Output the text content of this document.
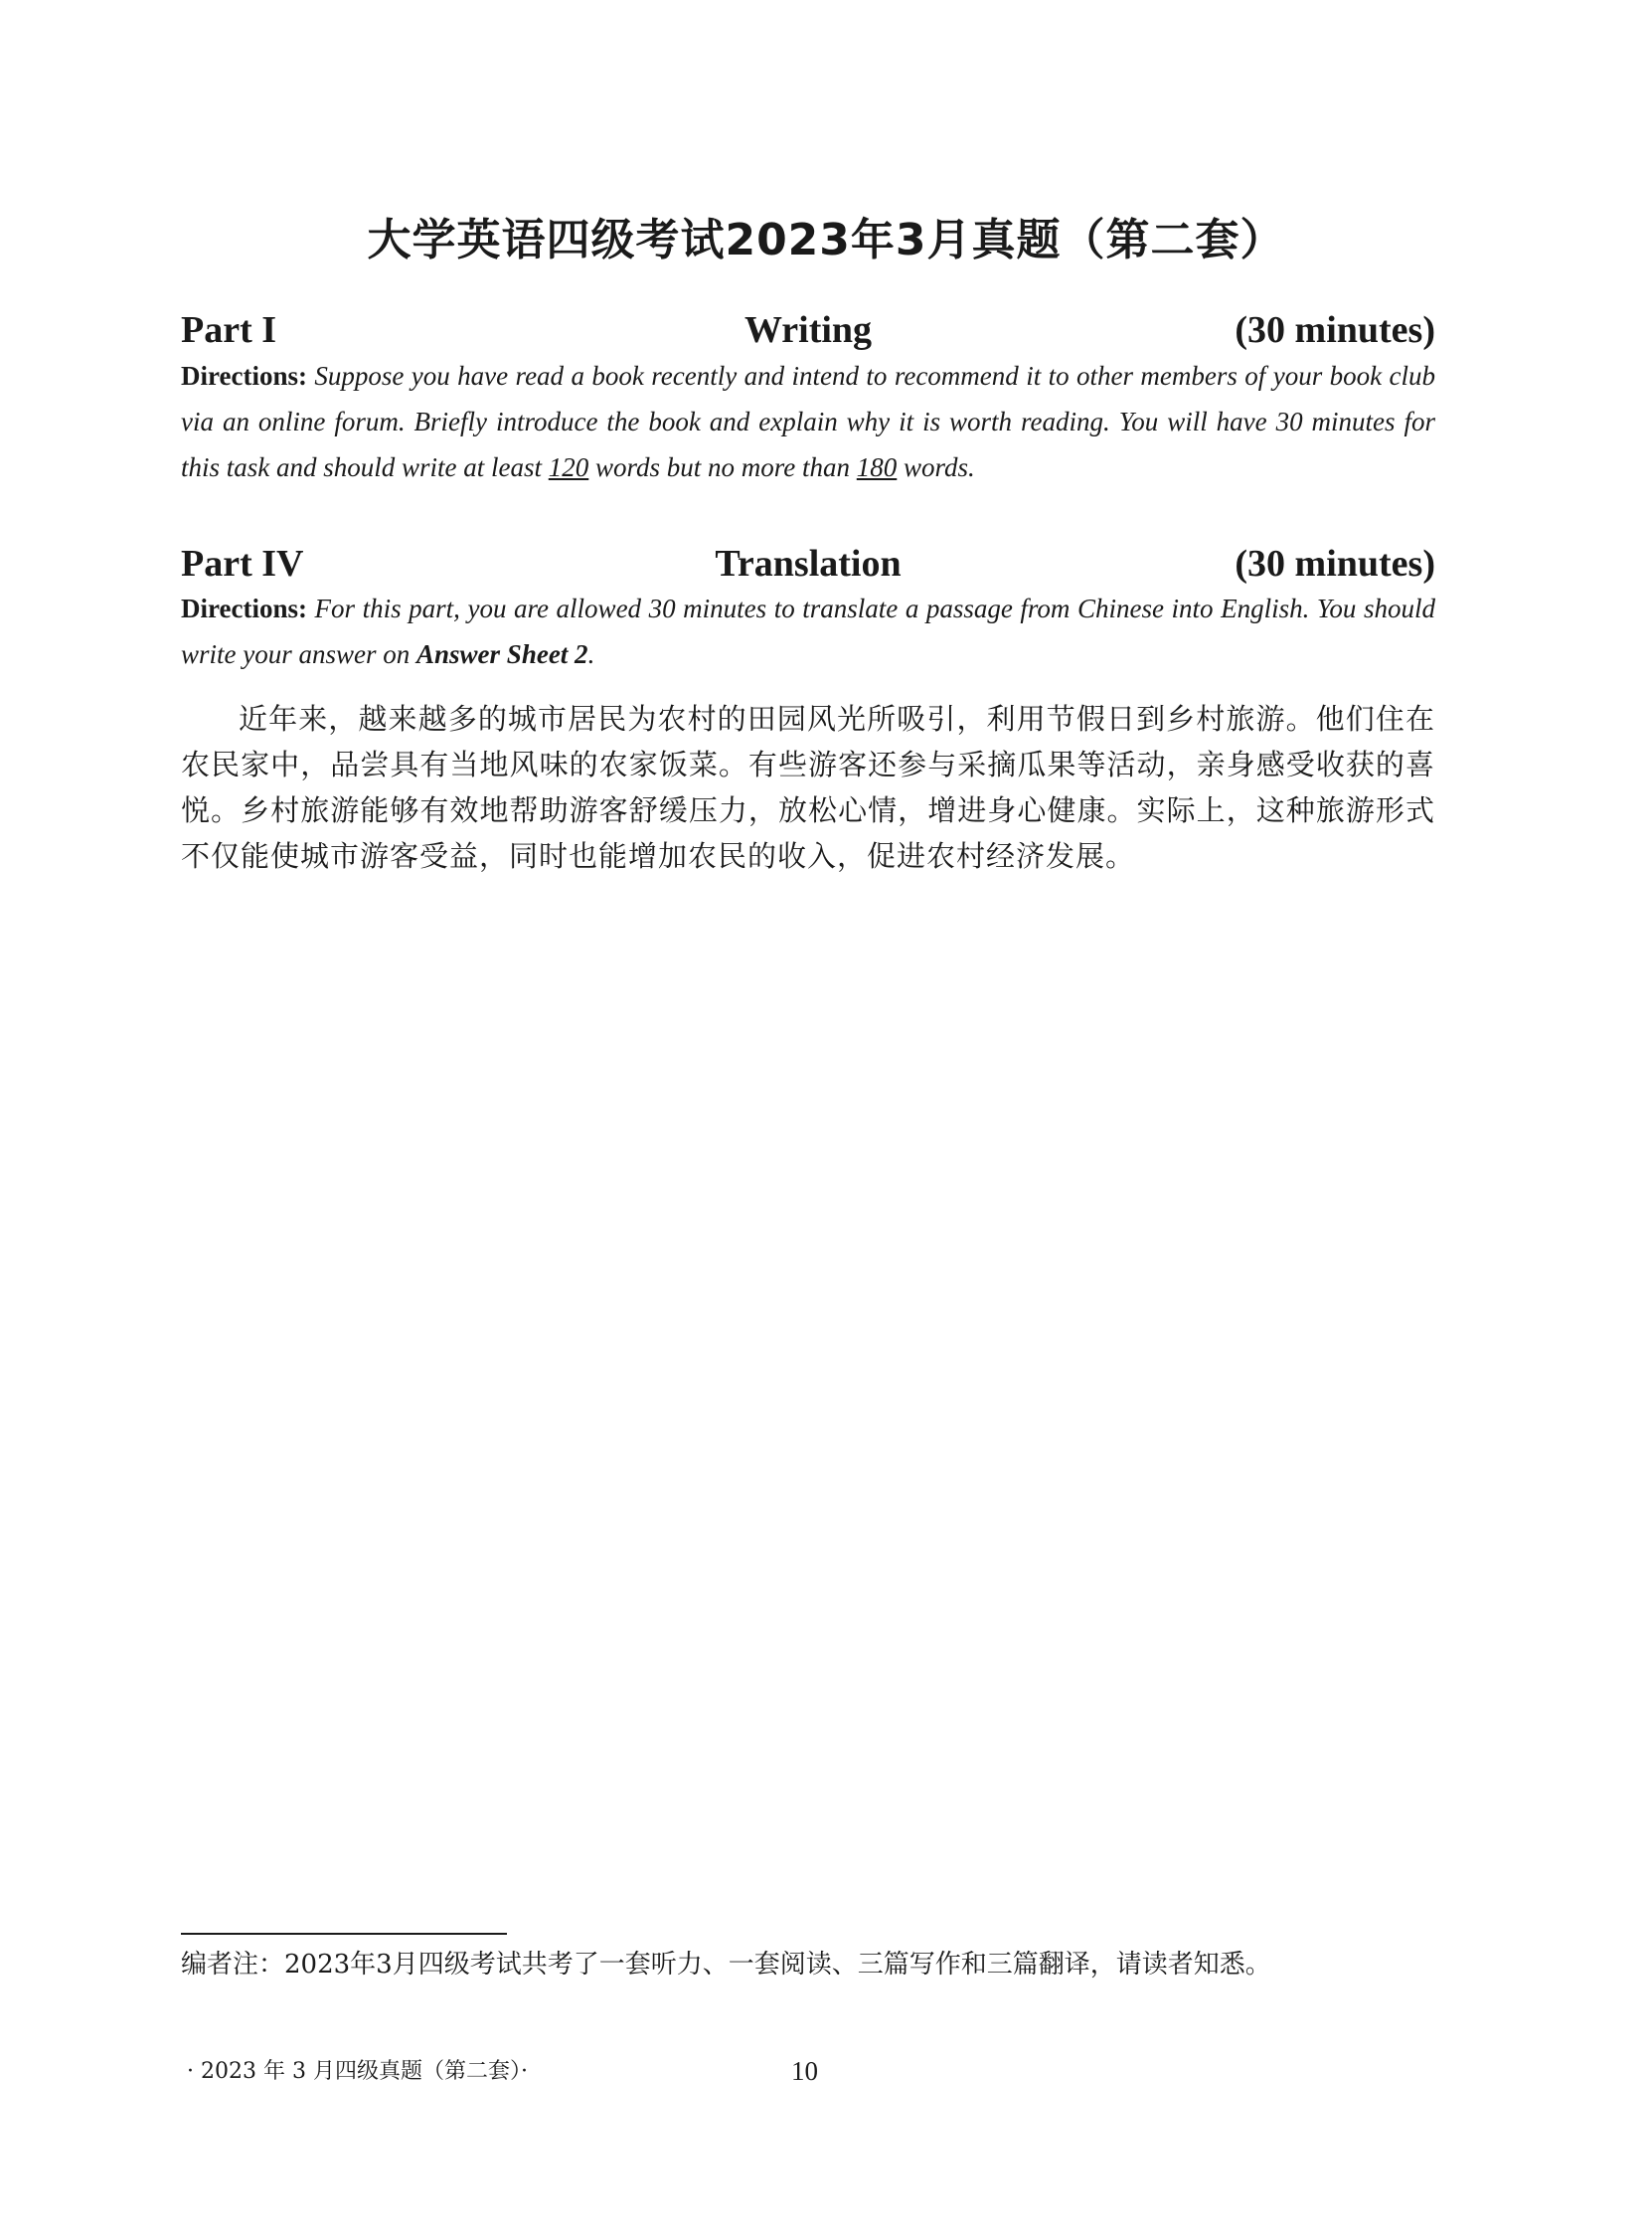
大学英语四级考试2023年3月真题（第二套）
Writing
Part I	(30 minutes)
Directions: Suppose you have read a book recently and intend to recommend it to other members of your book club via an online forum. Briefly introduce the book and explain why it is worth reading. You will have 30 minutes for this task and should write at least 120 words but no more than 180 words.
Translation
Part IV	(30 minutes)
Directions: For this part, you are allowed 30 minutes to translate a passage from Chinese into English. You should write your answer on Answer Sheet 2.
近年来，越来越多的城市居民为农村的田园风光所吸引，利用节假日到乡村旅游。他们住在农民家中，品尝具有当地风味的农家饭菜。有些游客还参与采摘瓜果等活动，亲身感受收获的喜悦。乡村旅游能够有效地帮助游客舒缓压力，放松心情，增进身心健康。实际上，这种旅游形式不仅能使城市游客受益，同时也能增加农民的收入，促进农村经济发展。
编者注：2023年3月四级考试共考了一套听力、一套阅读、三篇写作和三篇翻译，请读者知悉。
· 2023 年 3 月四级真题（第二套）·	10
